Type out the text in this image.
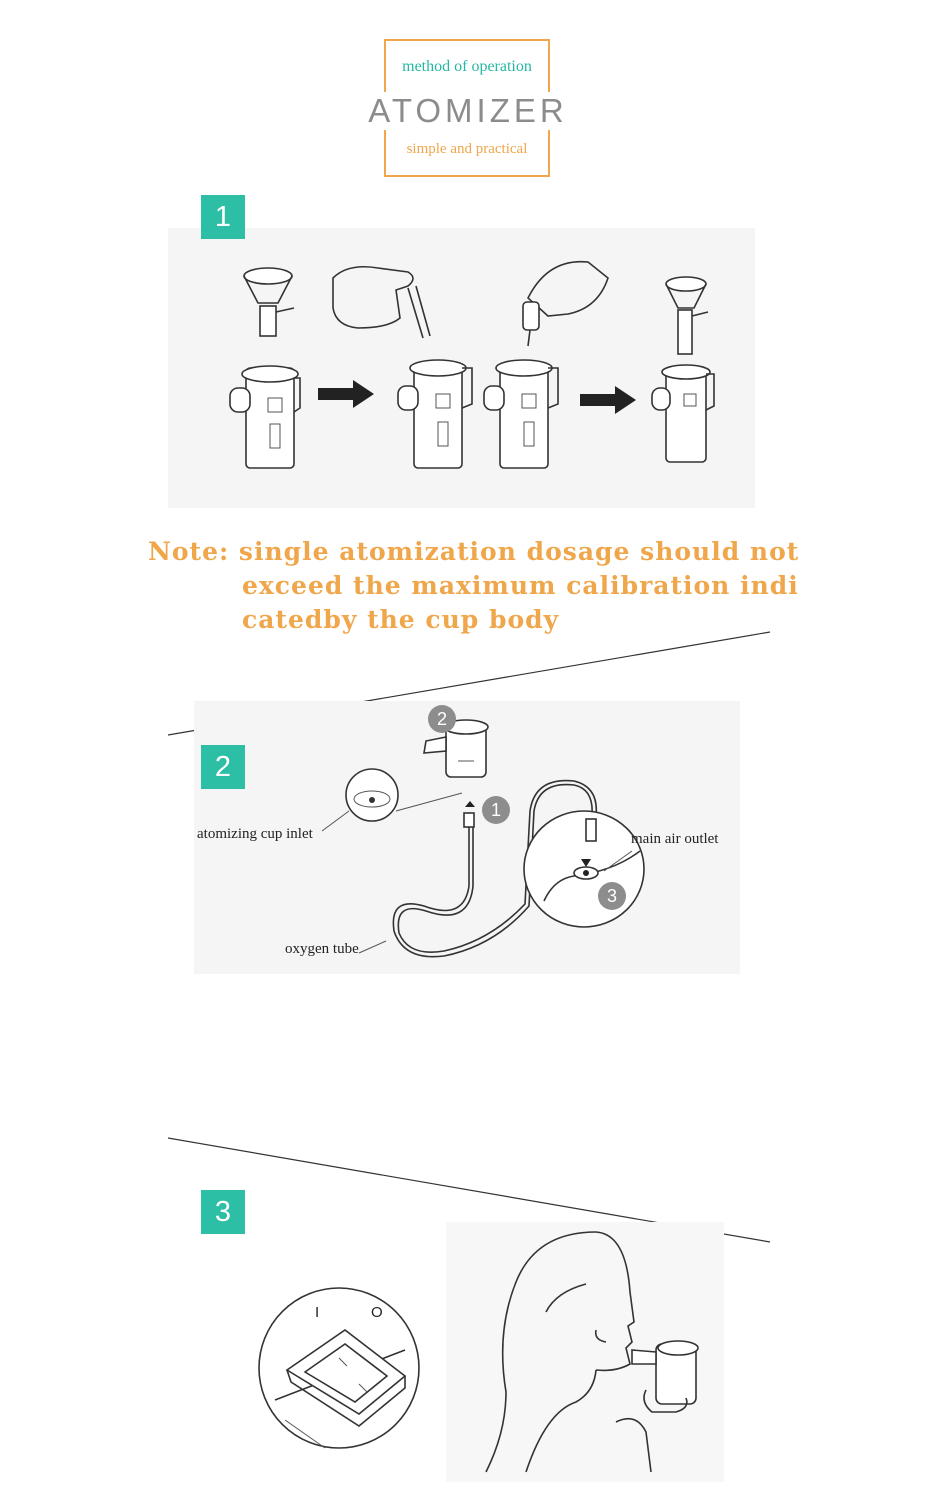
method of operation
ATOMIZER
simple and practical
1
Note: single atomization dosage should not
exceed the maximum calibration indi
catedby the cup body
2
2
1
3
atomizing cup inlet	main air outlet
oxygen tube
3
I	O
